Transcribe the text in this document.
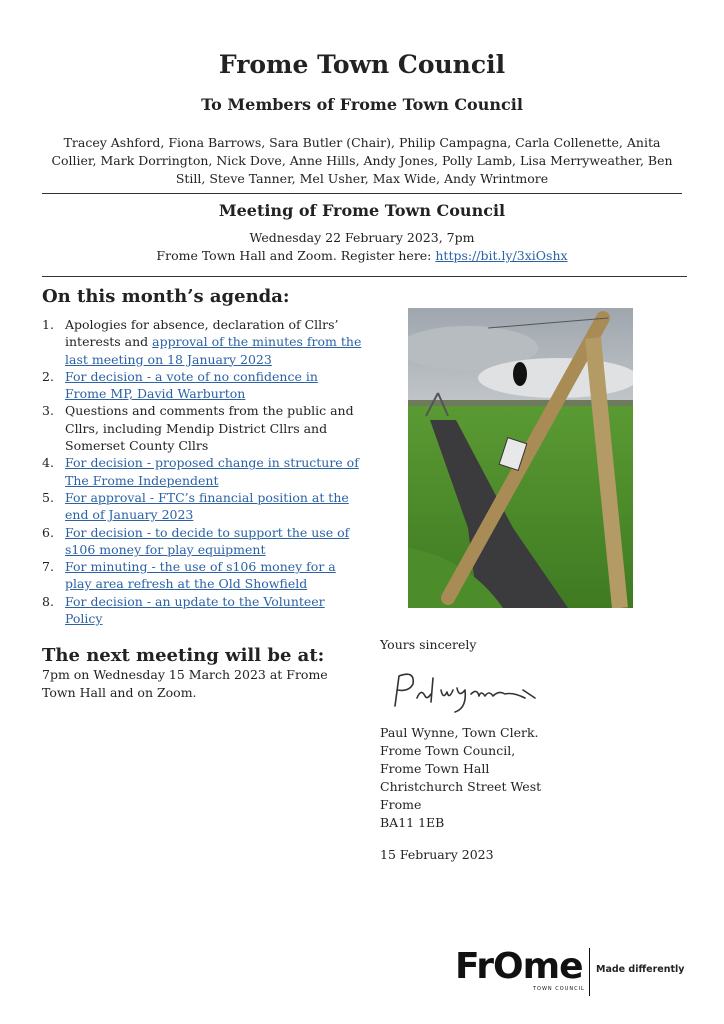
Frome Town Council
To Members of Frome Town Council
Tracey Ashford, Fiona Barrows, Sara Butler (Chair), Philip Campagna, Carla Collenette, Anita Collier, Mark Dorrington, Nick Dove, Anne Hills, Andy Jones, Polly Lamb, Lisa Merryweather, Ben Still, Steve Tanner, Mel Usher, Max Wide, Andy Wrintmore
Meeting of Frome Town Council
Wednesday 22 February 2023, 7pm
Frome Town Hall and Zoom. Register here: https://bit.ly/3xiOshx
On this month’s agenda:
1. Apologies for absence, declaration of Cllrs’ interests and approval of the minutes from the last meeting on 18 January 2023
2. For decision - a vote of no confidence in Frome MP, David Warburton
3. Questions and comments from the public and Cllrs, including Mendip District Cllrs and Somerset County Cllrs
4. For decision - proposed change in structure of The Frome Independent
5. For approval - FTC’s financial position at the end of January 2023
6. For decision - to decide to support the use of s106 money for play equipment
7. For minuting - the use of s106 money for a play area refresh at the Old Showfield
8. For decision - an update to the Volunteer Policy
The next meeting will be at:
7pm on Wednesday 15 March 2023 at Frome Town Hall and on Zoom.
Yours sincerely
Paul Wynne, Town Clerk.
Frome Town Council,
Frome Town Hall
Christchurch Street West
Frome
BA11 1EB
15 February 2023
FrOme
TOWN COUNCIL
Made differently
